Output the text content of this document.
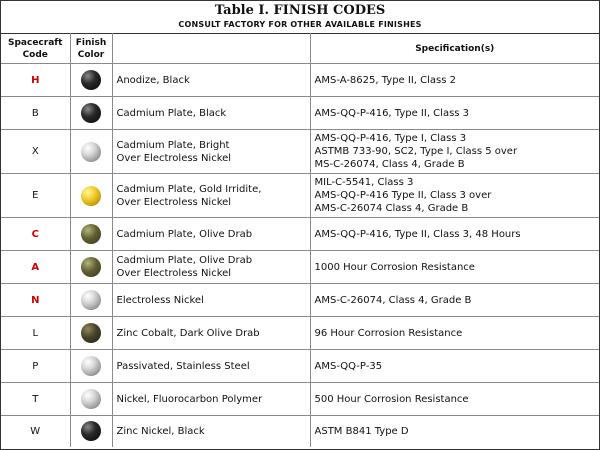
Table I. FINISH CODES
CONSULT FACTORY FOR OTHER AVAILABLE FINISHES
Spacecraft
Code	Finish
Color		Specification(s)
H		Anodize, Black	AMS-A-8625, Type II, Class 2

B		Cadmium Plate, Black	AMS-QQ-P-416, Type II, Class 3

X		Cadmium Plate, Bright
Over Electroless Nickel	AMS-QQ-P-416, Type I, Class 3
ASTMB 733-90, SC2, Type I, Class 5 over
MS-C-26074, Class 4, Grade B

E		Cadmium Plate, Gold Irridite,
Over Electroless Nickel	MIL-C-5541, Class 3
AMS-QQ-P-416 Type II, Class 3 over
AMS-C-26074 Class 4, Grade B

C		Cadmium Plate, Olive Drab	AMS-QQ-P-416, Type II, Class 3, 48 Hours

A		Cadmium Plate, Olive Drab
Over Electroless Nickel	1000 Hour Corrosion Resistance

N		Electroless Nickel	AMS-C-26074, Class 4, Grade B

L		Zinc Cobalt, Dark Olive Drab	96 Hour Corrosion Resistance

P		Passivated, Stainless Steel	AMS-QQ-P-35

T		Nickel, Fluorocarbon Polymer	500 Hour Corrosion Resistance

W		Zinc Nickel, Black	ASTM B841 Type D
